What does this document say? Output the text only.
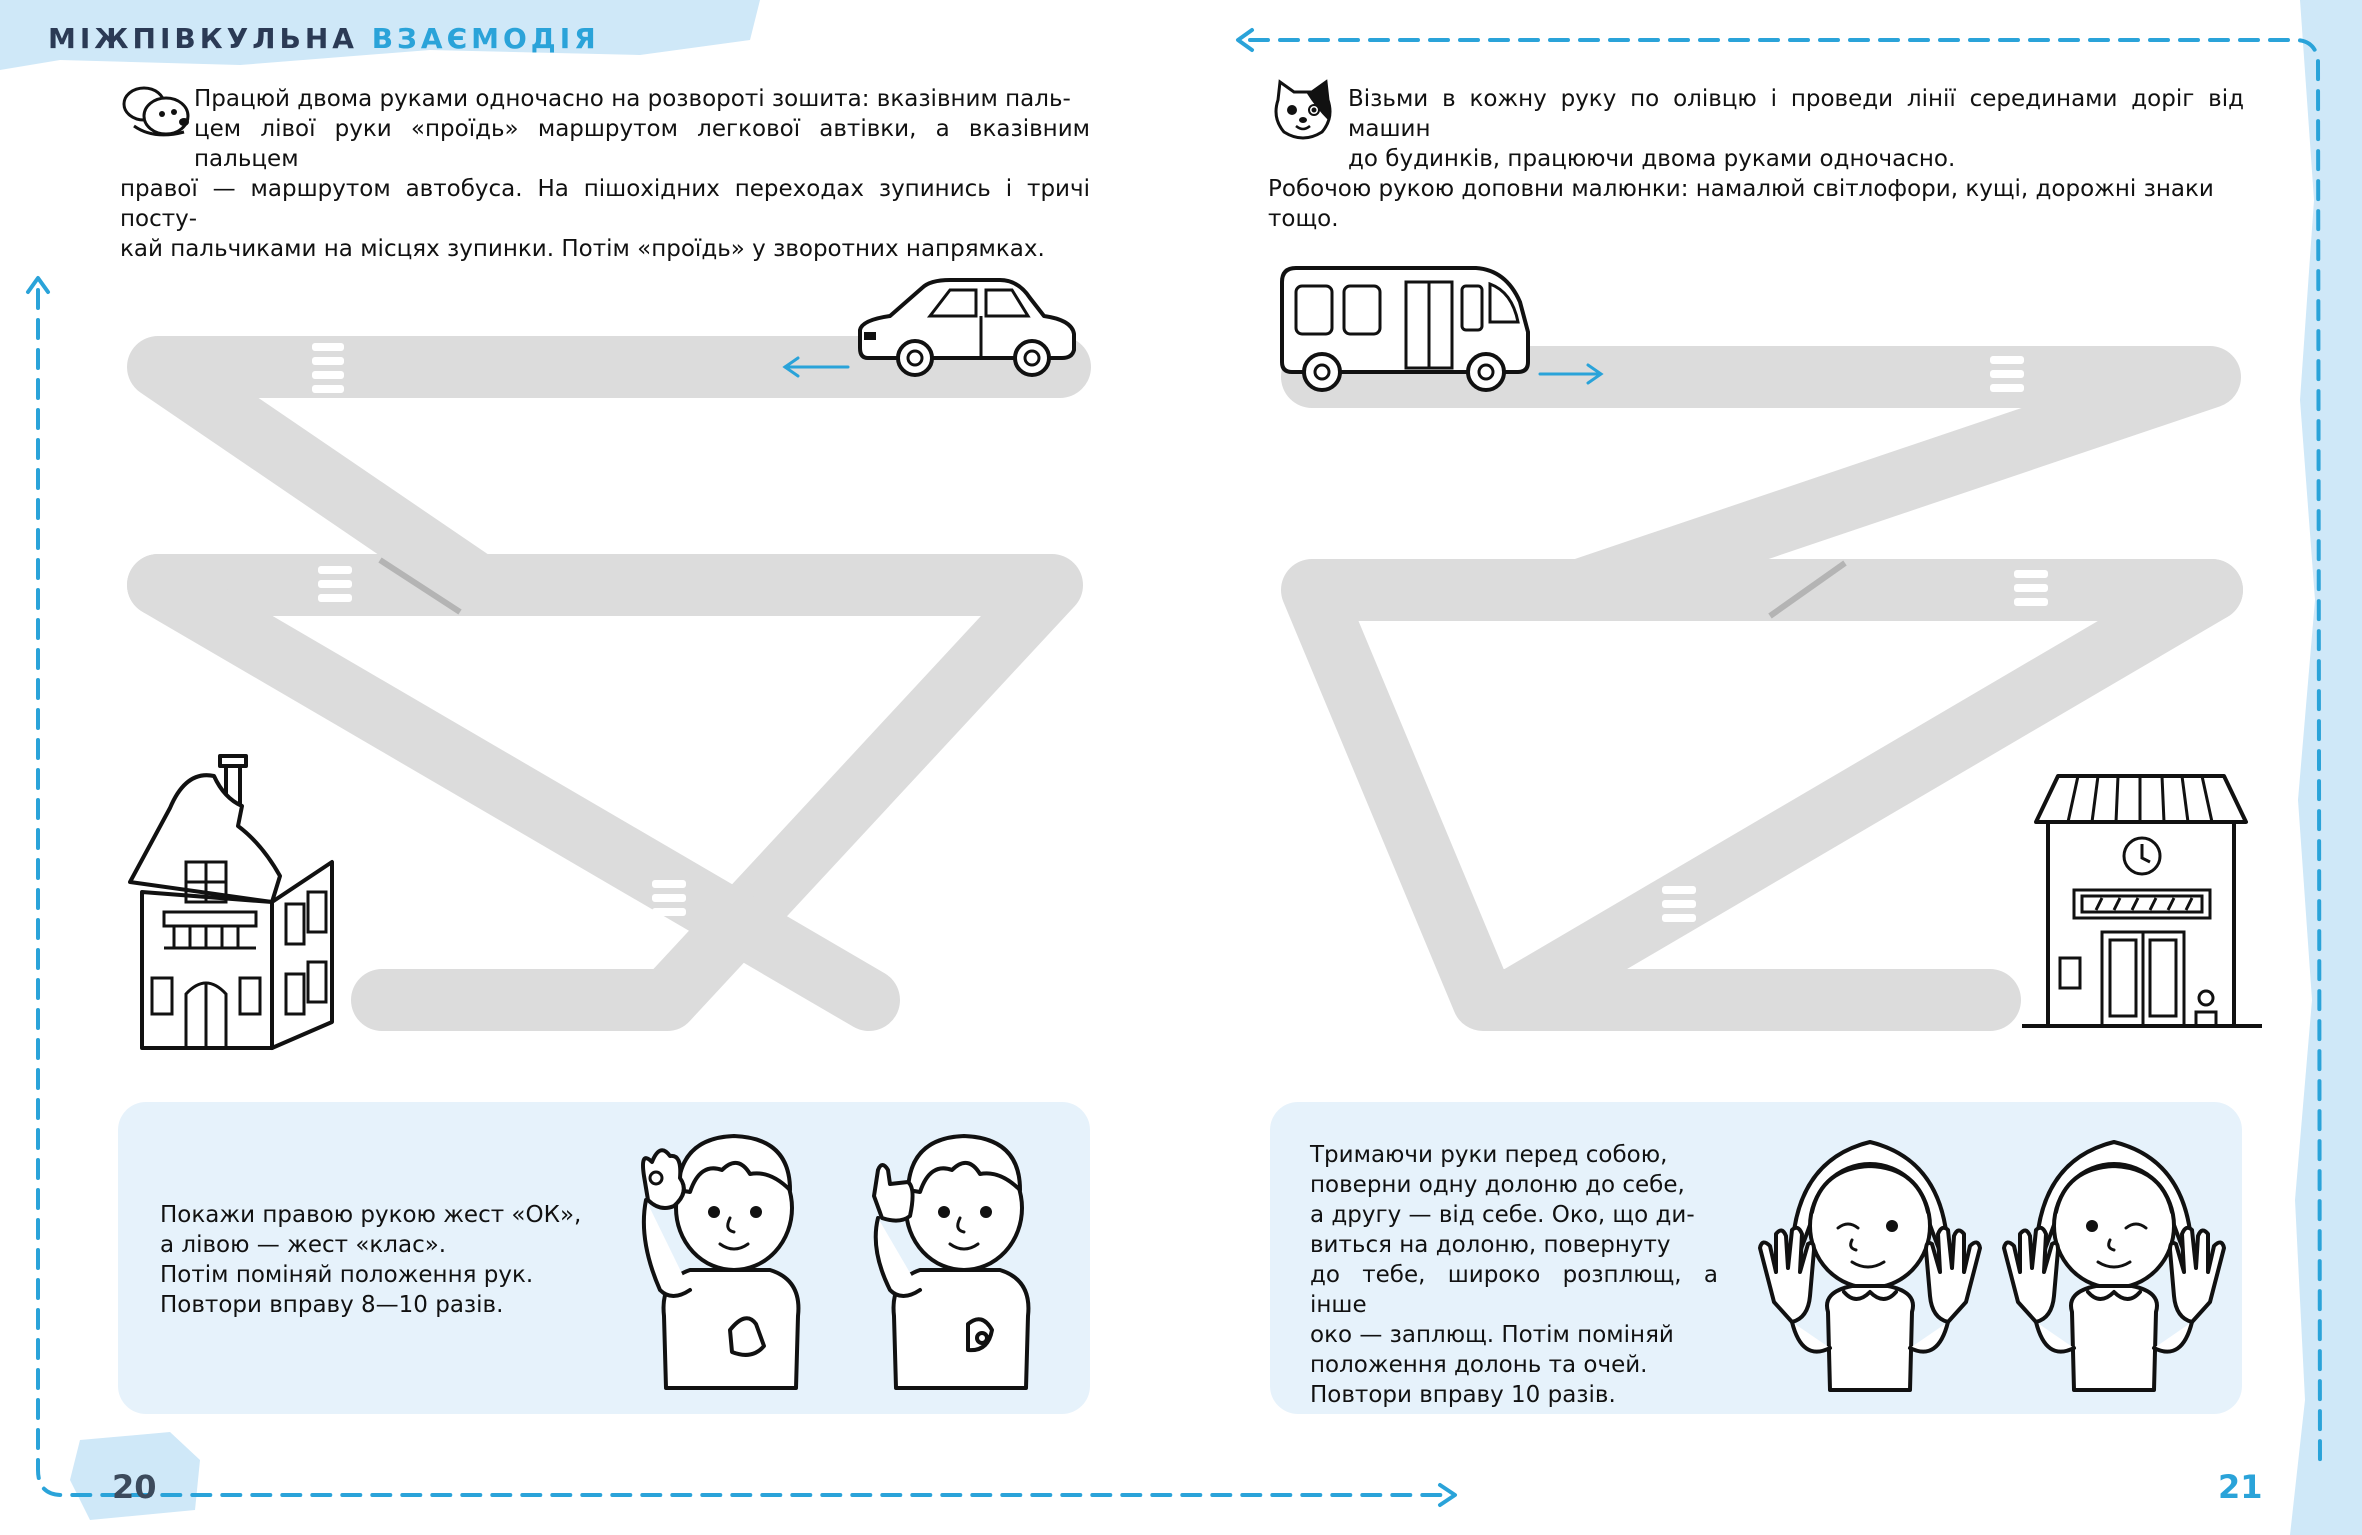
МІЖПІВКУЛЬНА ВЗАЄМОДІЯ

Працюй двома руками одночасно на розвороті зошита: вказівним паль-

цем лівої руки «проїдь» маршрутом легкової автівки, а вказівним пальцем

правої — маршрутом автобуса. На пішохідних переходах зупинись і тричі посту-

кай пальчиками на місцях зупинки. Потім «проїдь» у зворотних напрямках.

Візьми в кожну руку по олівцю і проведи лінії серединами доріг від машин

до будинків, працюючи двома руками одночасно.

Робочою рукою доповни малюнки: намалюй світлофори, кущі, дорожні знаки

тощо.

Покажи правою рукою жест «ОК»,

а лівою — жест «клас».

Потім поміняй положення рук.

Повтори вправу 8—10 разів.

Тримаючи руки перед собою,

поверни одну долоню до себе,

а другу — від себе. Око, що ди-

виться на долоню, повернуту

до тебе, широко розплющ, а інше

око — заплющ. Потім поміняй

положення долонь та очей.

Повтори вправу 10 разів.

20	21
